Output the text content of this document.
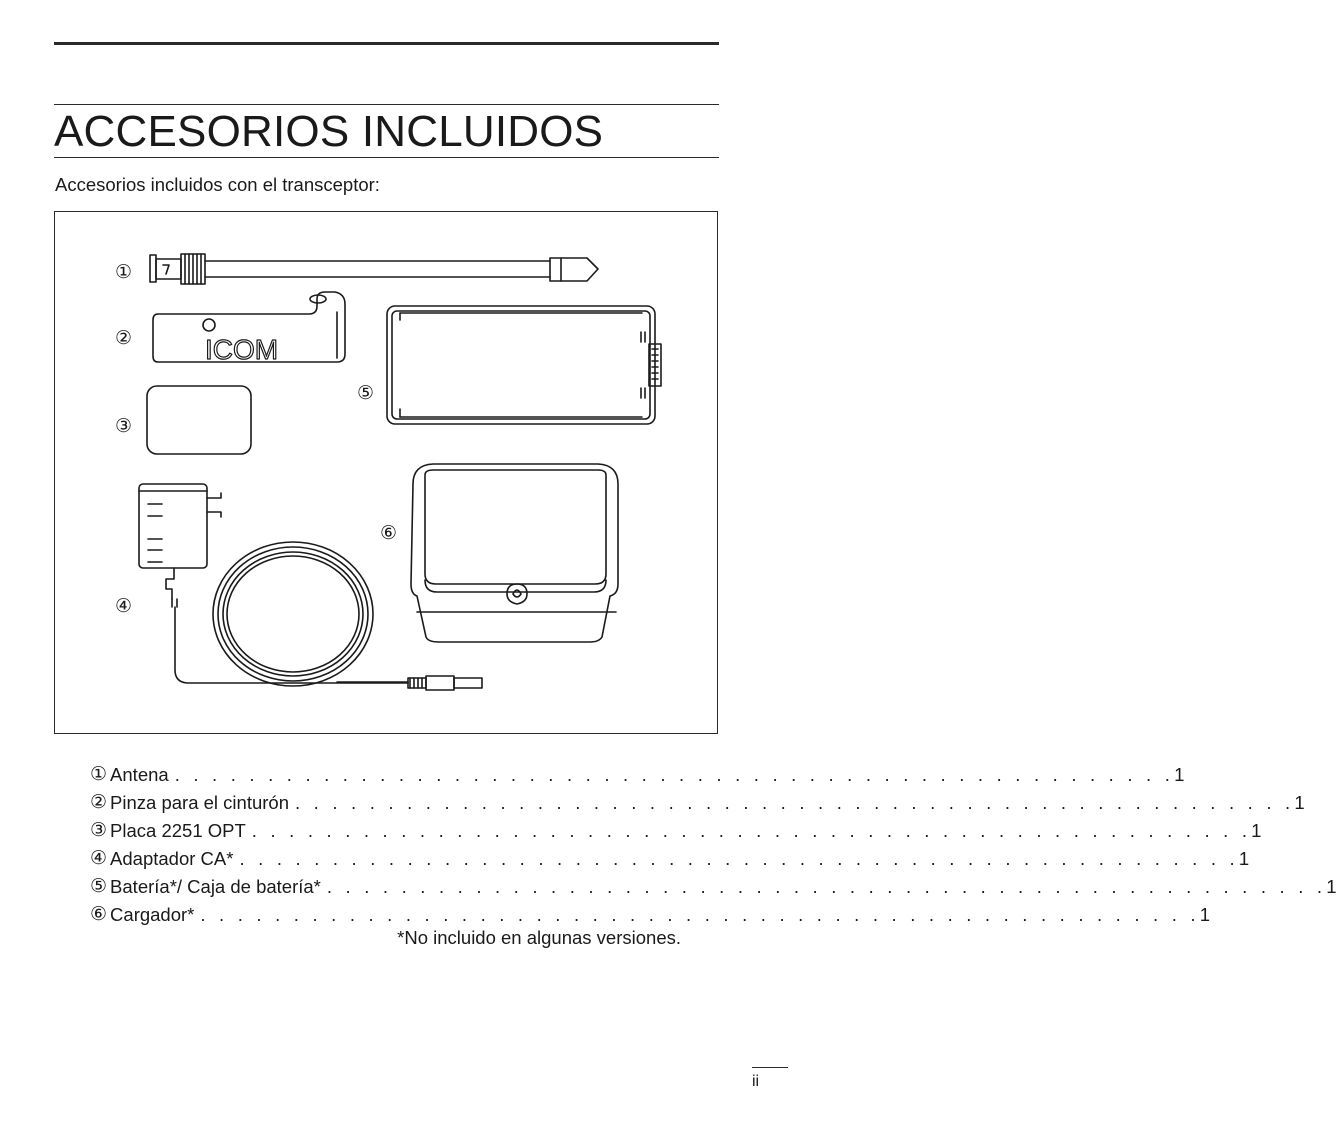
ACCESORIOS INCLUIDOS
Accesorios incluidos con el transceptor:
①
②
③
④
⑤
⑥
ICOM
① Antena . . . . . . . . . . . . . . . . . . . . . . . . . . . . . . . . . . . . . . . . . . . . . . . . . . . . . . 1
② Pinza para el cinturón . . . . . . . . . . . . . . . . . . . . . . . . . . . . . . . . . . . . . . . . . . . . . . . . . . . . . . 1
③ Placa 2251 OPT . . . . . . . . . . . . . . . . . . . . . . . . . . . . . . . . . . . . . . . . . . . . . . . . . . . . . . 1
④ Adaptador CA* . . . . . . . . . . . . . . . . . . . . . . . . . . . . . . . . . . . . . . . . . . . . . . . . . . . . . . 1
⑤ Batería*/ Caja de batería* . . . . . . . . . . . . . . . . . . . . . . . . . . . . . . . . . . . . . . . . . . . . . . . . . . . . . . 1
⑥ Cargador* . . . . . . . . . . . . . . . . . . . . . . . . . . . . . . . . . . . . . . . . . . . . . . . . . . . . . . 1
*No incluido en algunas versiones.
ii
